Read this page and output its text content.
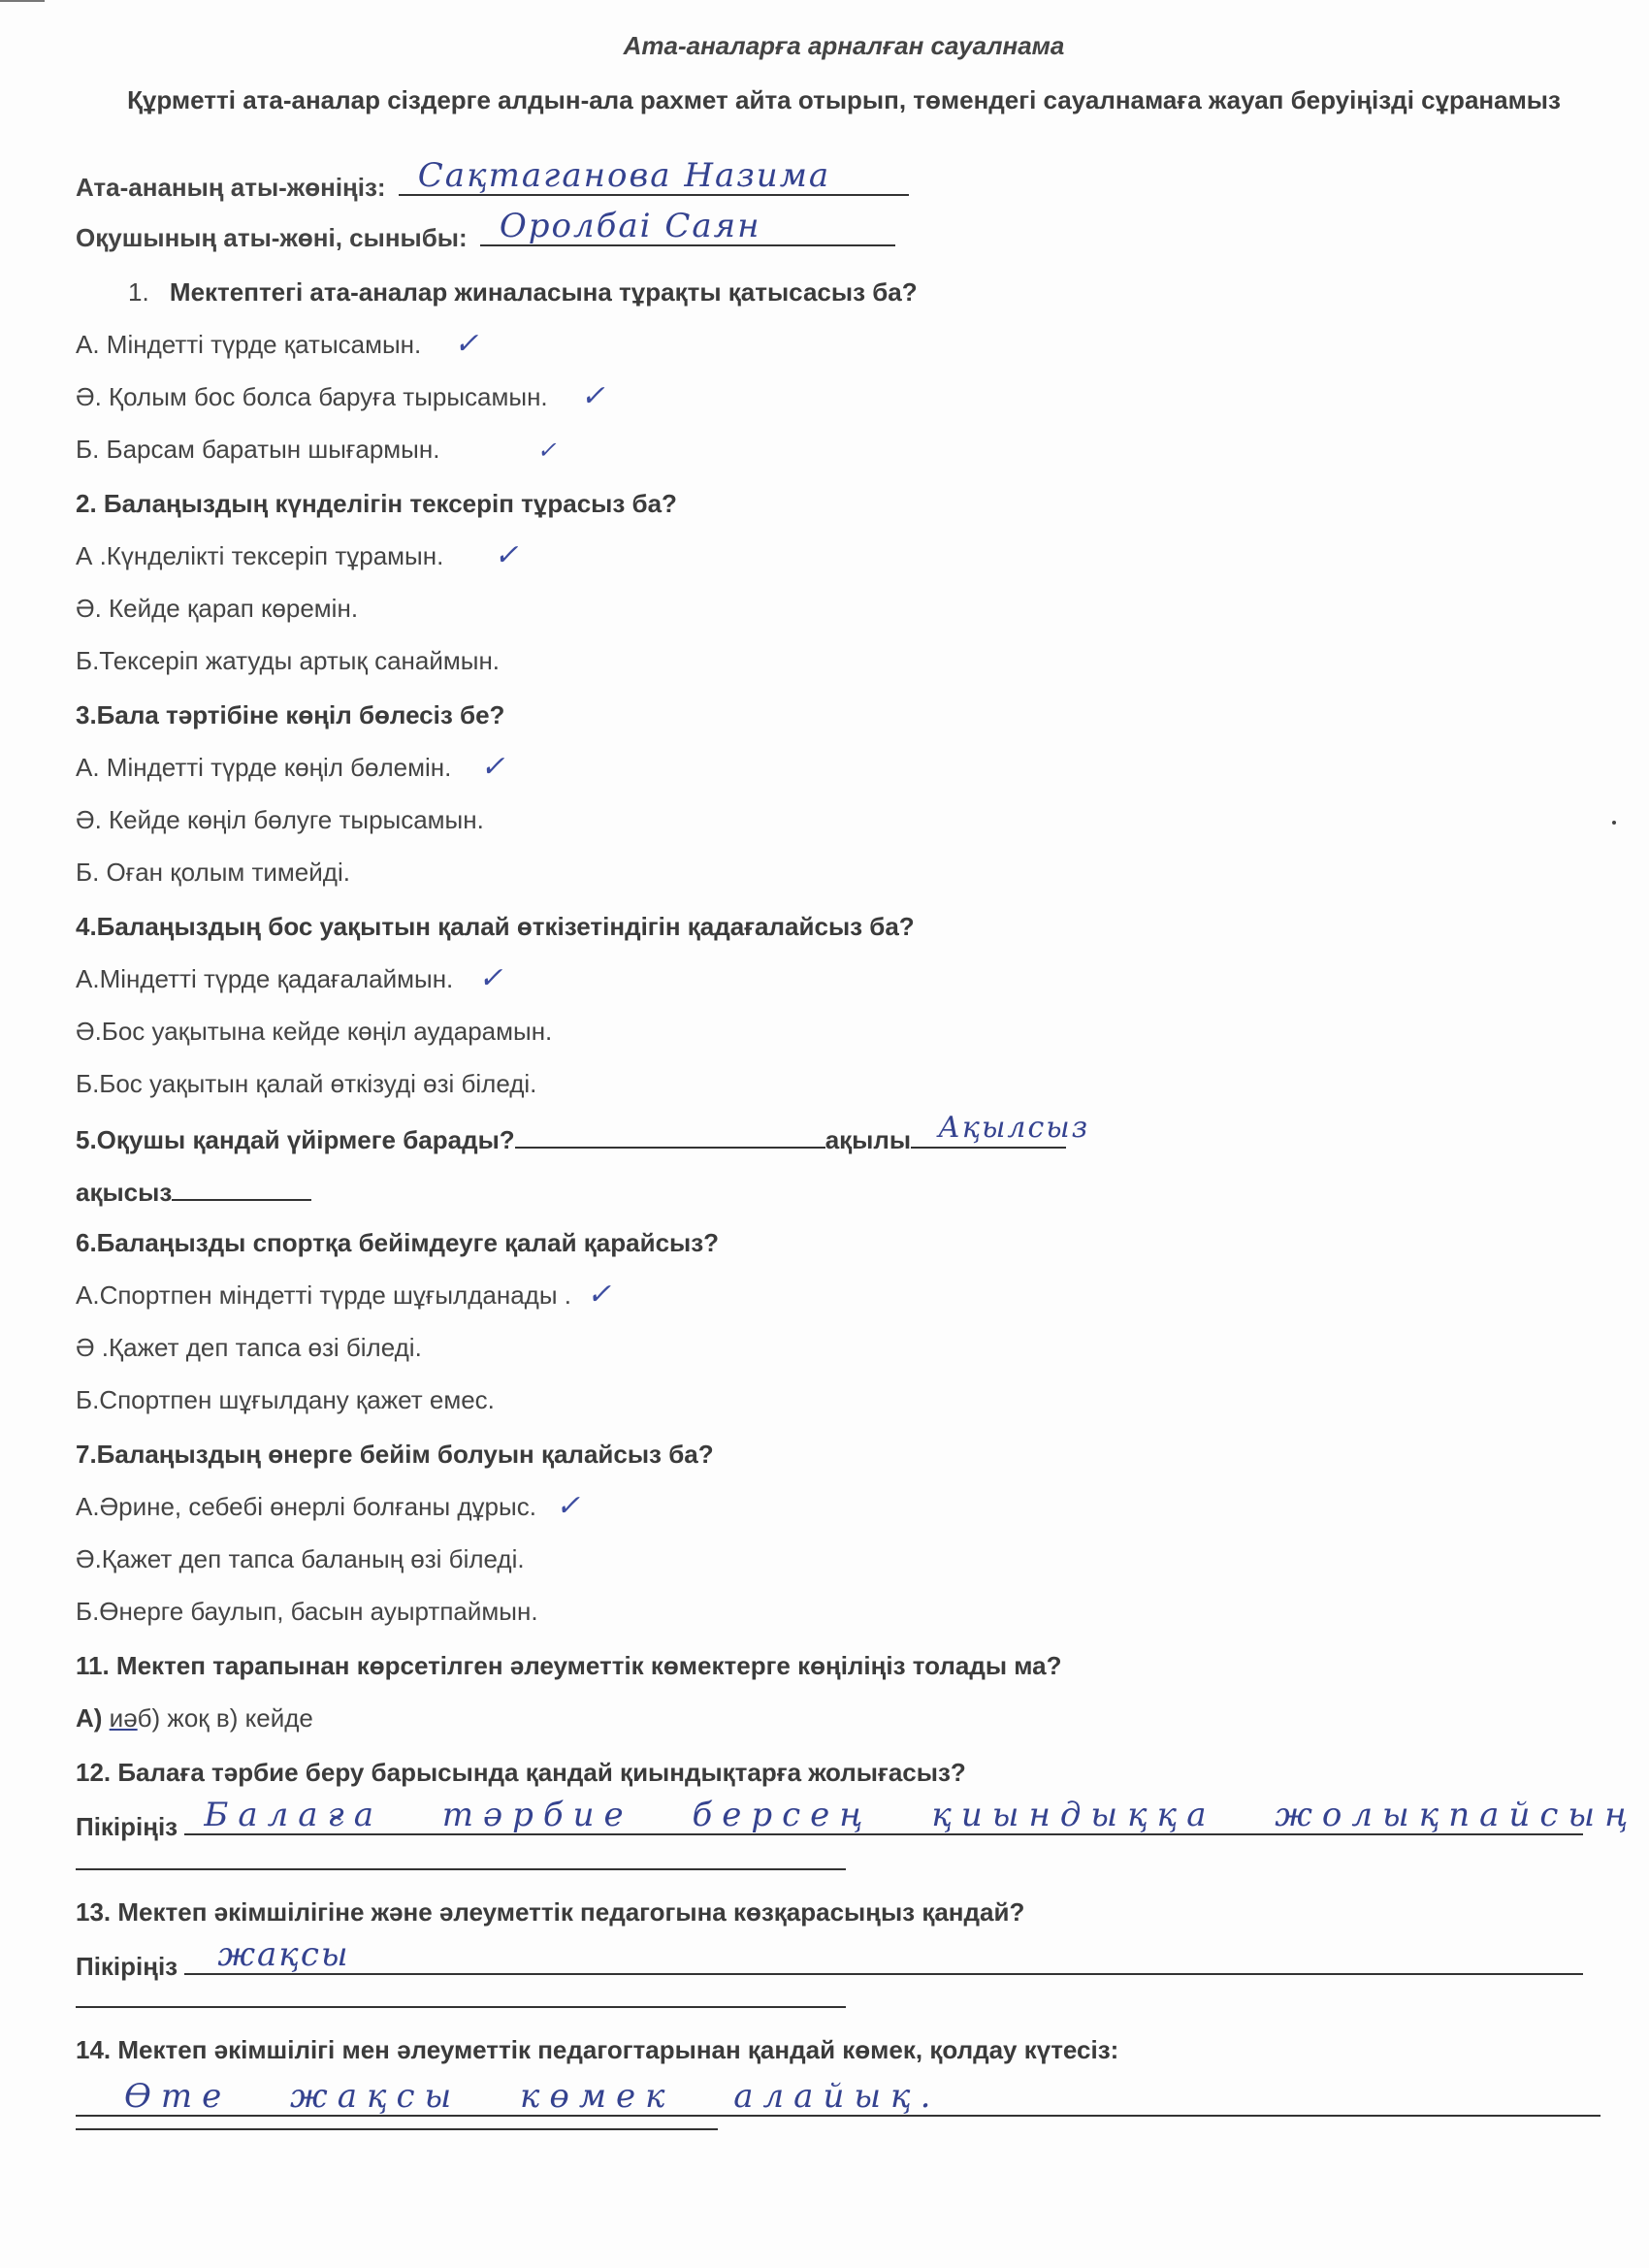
Ата-аналарға арналған сауалнама
Құрметті ата-аналар сіздерге алдын-ала рахмет айта отырып, төмендегі сауалнамаға жауап беруіңізді сұранамыз
Ата-ананың аты-жөніңіз: Сақтаганова Назима
Оқушының аты-жөні, сыныбы: Оролбаі Саян
1. Мектептегі ата-аналар жиналасына тұрақты қатысасыз ба?
А. Міндетті түрде қатысамын. ✓
Ә. Қолым бос болса баруға тырысамын. ✓
Б. Барсам баратын шығармын.	✓
2. Балаңыздың күнделігін тексеріп тұрасыз ба?
А .Күнделікті тексеріп тұрамын. ✓
Ә. Кейде қарап көремін.
Б.Тексеріп жатуды артық санаймын.
3.Бала тәртібіне көңіл бөлесіз бе?
А. Міндетті түрде көңіл бөлемін. ✓
Ә. Кейде көңіл бөлуге тырысамын.
Б. Оған қолым тимейді.
4.Балаңыздың бос уақытын қалай өткізетіндігін қадағалайсыз ба?
А.Міндетті түрде қадағалаймын. ✓
Ә.Бос уақытына кейде көңіл аударамын.
Б.Бос уақытын қалай өткізуді өзі біледі.
5.Оқушы қандай үйірмеге барады?	ақылы Ақылсыз
ақысыз
6.Балаңызды спортқа бейімдеуге қалай қарайсыз?
А.Спортпен міндетті түрде шұғылданады . ✓
Ә .Қажет деп тапса өзі біледі.
Б.Спортпен шұғылдану қажет емес.
7.Балаңыздың өнерге бейім болуын қалайсыз ба?
А.Әрине, себебі өнерлі болғаны дұрыс. ✓
Ә.Қажет деп тапса баланың өзі біледі.
Б.Өнерге баулып, басын ауыртпаймын.
11. Мектеп тарапынан көрсетілген әлеуметтік көмектерге көңіліңіз толады ма?
А) иәб) жоқ в) кейде
12. Балаға тәрбие беру барысында қандай қиындықтарға жолығасыз?
Пікіріңіз Балаға тәрбие берсең қиындыққа жолықпайсың
13. Мектеп әкімшілігіне және әлеуметтік педагогына көзқарасыңыз қандай?
Пікіріңіз жақсы
14. Мектеп әкімшілігі мен әлеуметтік педагогтарынан қандай көмек, қолдау күтесіз:
Өте жақсы көмек алайық.
